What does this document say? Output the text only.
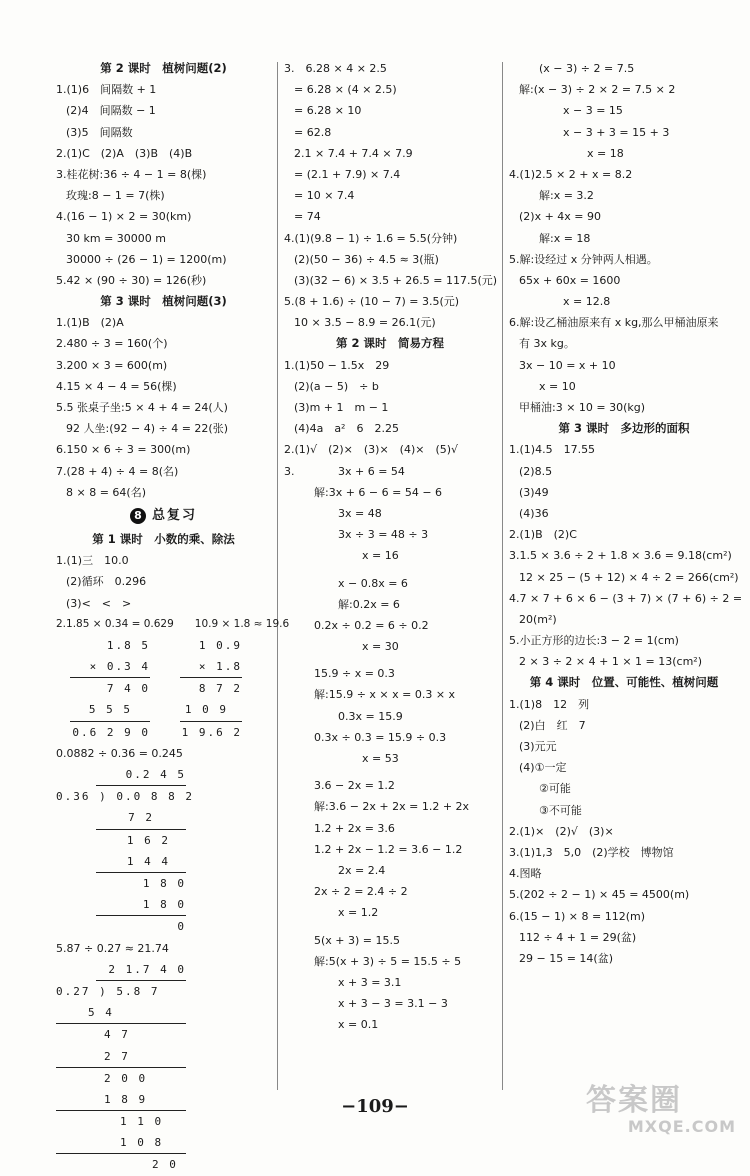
第 2 课时　植树问题(2)
1.(1)6　间隔数 + 1
(2)4　间隔数 − 1
(3)5　间隔数
2.(1)C　(2)A　(3)B　(4)B
3.桂花树:36 ÷ 4 − 1 = 8(棵)
玫瑰:8 − 1 = 7(株)
4.(16 − 1) × 2 = 30(km)
30 km = 30000 m
30000 ÷ (26 − 1) = 1200(m)
5.42 × (90 ÷ 30) = 126(秒)
第 3 课时　植树问题(3)
1.(1)B　(2)A
2.480 ÷ 3 = 160(个)
3.200 × 3 = 600(m)
4.15 × 4 − 4 = 56(棵)
5.5 张桌子坐:5 × 4 + 4 = 24(人)
92 人坐:(92 − 4) ÷ 4 = 22(张)
6.150 × 6 ÷ 3 = 300(m)
7.(28 + 4) ÷ 4 = 8(名)
8 × 8 = 64(名)
8 总复习
第 1 课时　小数的乘、除法
1.(1)三　10.0
(2)循环　0.29̇6̇
(3)<　<　>
2.1.85 × 0.34 = 0.629　　10.9 × 1.8 ≈ 19.6
1.8 5
× 0.3 4
7 4 0
5 5 5
0.6 2 9 0
1 0.9
× 1.8
8 7 2
1 0 9
1 9.6 2
0.0882 ÷ 0.36 = 0.245
0.2 4 5
0.36 ) 0.0 8 8 2
7 2
1 6 2
1 4 4
1 8 0
1 8 0
0
5.87 ÷ 0.27 ≈ 21.74
2 1.7 4 0
0.27 ) 5.8 7
5 4
4 7
2 7
2 0 0
1 8 9
1 1 0
1 0 8
2 0
3.　6.28 × 4 × 2.5
= 6.28 × (4 × 2.5)
= 6.28 × 10
= 62.8
2.1 × 7.4 + 7.4 × 7.9
= (2.1 + 7.9) × 7.4
= 10 × 7.4
= 74
4.(1)(9.8 − 1) ÷ 1.6 = 5.5(分钟)
(2)(50 − 36) ÷ 4.5 ≈ 3(瓶)
(3)(32 − 6) × 3.5 + 26.5 = 117.5(元)
5.(8 + 1.6) ÷ (10 − 7) = 3.5(元)
10 × 3.5 − 8.9 = 26.1(元)
第 2 课时　简易方程
1.(1)50 − 1.5x　29
(2)(a − 5)　÷ b
(3)m + 1　m − 1
(4)4a　a²　6　2.25
2.(1)√　(2)×　(3)×　(4)×　(5)√
3.	3x + 6 = 54
解:3x + 6 − 6 = 54 − 6
3x = 48
3x ÷ 3 = 48 ÷ 3
x = 16
x − 0.8x = 6
解:0.2x = 6
0.2x ÷ 0.2 = 6 ÷ 0.2
x = 30
15.9 ÷ x = 0.3
解:15.9 ÷ x × x = 0.3 × x
0.3x = 15.9
0.3x ÷ 0.3 = 15.9 ÷ 0.3
x = 53
3.6 − 2x = 1.2
解:3.6 − 2x + 2x = 1.2 + 2x
1.2 + 2x = 3.6
1.2 + 2x − 1.2 = 3.6 − 1.2
2x = 2.4
2x ÷ 2 = 2.4 ÷ 2
x = 1.2
5(x + 3) = 15.5
解:5(x + 3) ÷ 5 = 15.5 ÷ 5
x + 3 = 3.1
x + 3 − 3 = 3.1 − 3
x = 0.1
(x − 3) ÷ 2 = 7.5
解:(x − 3) ÷ 2 × 2 = 7.5 × 2
x − 3 = 15
x − 3 + 3 = 15 + 3
x = 18
4.(1)2.5 × 2 + x = 8.2
解:x = 3.2
(2)x + 4x = 90
解:x = 18
5.解:设经过 x 分钟两人相遇。
65x + 60x = 1600
x = 12.8
6.解:设乙桶油原来有 x kg,那么甲桶油原来
有 3x kg。
3x − 10 = x + 10
x = 10
甲桶油:3 × 10 = 30(kg)
第 3 课时　多边形的面积
1.(1)4.5　17.55
(2)8.5
(3)49
(4)36
2.(1)B　(2)C
3.1.5 × 3.6 ÷ 2 + 1.8 × 3.6 = 9.18(cm²)
12 × 25 − (5 + 12) × 4 ÷ 2 = 266(cm²)
4.7 × 7 + 6 × 6 − (3 + 7) × (7 + 6) ÷ 2 =
20(m²)
5.小正方形的边长:3 − 2 = 1(cm)
2 × 3 ÷ 2 × 4 + 1 × 1 = 13(cm²)
第 4 课时　位置、可能性、植树问题
1.(1)8　12　列
(2)白　红　7
(3)元元
(4)①一定
②可能
③不可能
2.(1)×　(2)√　(3)×
3.(1)1,3　5,0　(2)学校　博物馆
4.图略
5.(202 ÷ 2 − 1) × 45 = 4500(m)
6.(15 − 1) × 8 = 112(m)
112 ÷ 4 + 1 = 29(盆)
29 − 15 = 14(盆)
−109−	答案圈
MXQE.COM
